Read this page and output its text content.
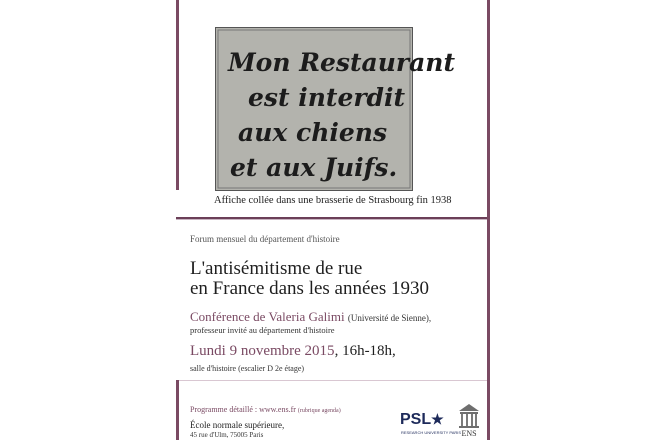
Mon Restaurant
est interdit
aux chiens
et aux Juifs.
Affiche collée dans une brasserie de Strasbourg fin 1938
Forum mensuel du département d'histoire
L'antisémitisme de rue
en France dans les années 1930
Conférence de Valeria Galimi (Université de Sienne),
professeur invité au département d'histoire
Lundi 9 novembre 2015, 16h-18h,
salle d'histoire (escalier D 2e étage)
Programme détaillé : www.ens.fr (rubrique agenda)
École normale supérieure,
45 rue d'Ulm, 75005 Paris
PSL★
RESEARCH UNIVERSITY PARIS ENS
